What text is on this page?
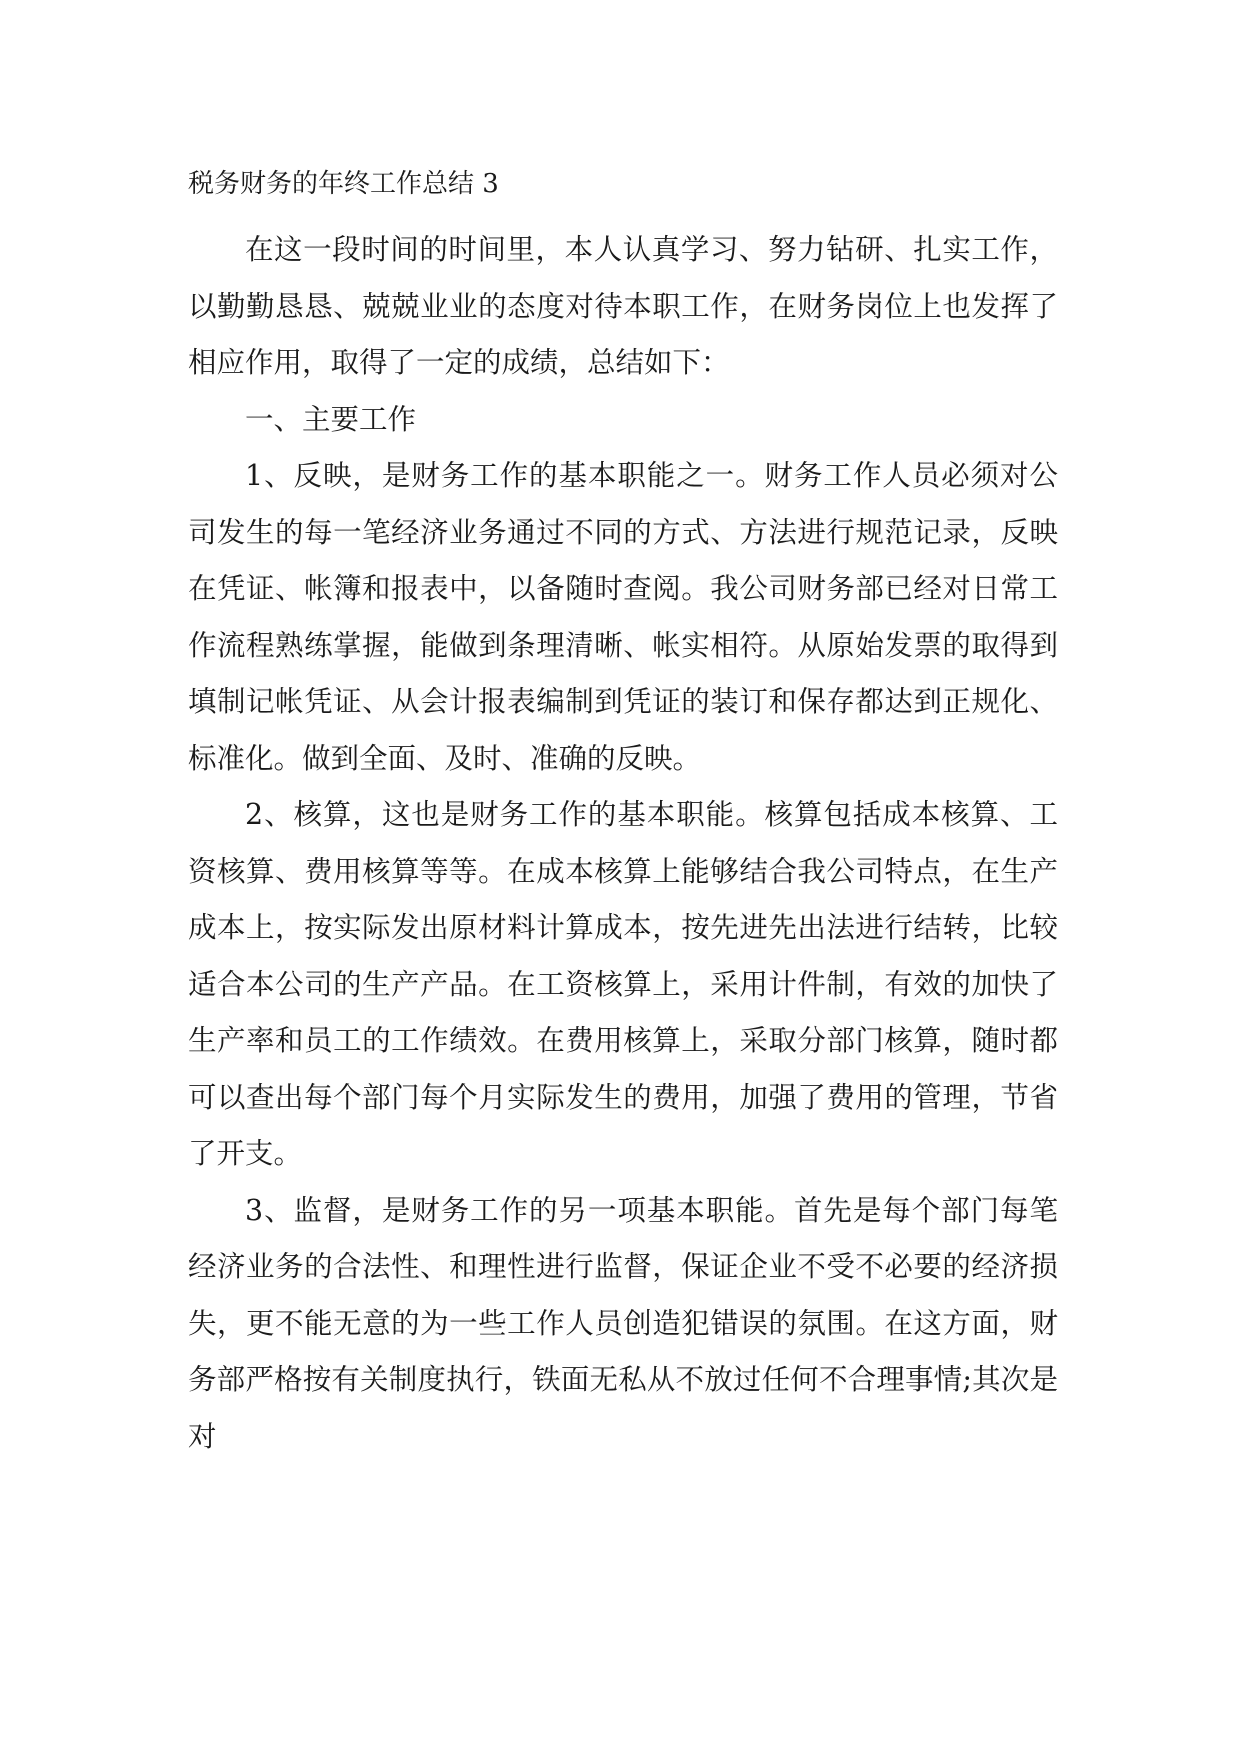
税务财务的年终工作总结 3

在这一段时间的时间里，本人认真学习、努力钻研、扎实工作，以勤勤恳恳、兢兢业业的态度对待本职工作，在财务岗位上也发挥了相应作用，取得了一定的成绩，总结如下：

一、主要工作

1、反映，是财务工作的基本职能之一。财务工作人员必须对公司发生的每一笔经济业务通过不同的方式、方法进行规范记录，反映在凭证、帐簿和报表中，以备随时查阅。我公司财务部已经对日常工作流程熟练掌握，能做到条理清晰、帐实相符。从原始发票的取得到填制记帐凭证、从会计报表编制到凭证的装订和保存都达到正规化、标准化。做到全面、及时、准确的反映。

2、核算，这也是财务工作的基本职能。核算包括成本核算、工资核算、费用核算等等。在成本核算上能够结合我公司特点，在生产成本上，按实际发出原材料计算成本，按先进先出法进行结转，比较适合本公司的生产产品。在工资核算上，采用计件制，有效的加快了生产率和员工的工作绩效。在费用核算上，采取分部门核算，随时都可以查出每个部门每个月实际发生的费用，加强了费用的管理，节省了开支。

3、监督，是财务工作的另一项基本职能。首先是每个部门每笔经济业务的合法性、和理性进行监督，保证企业不受不必要的经济损失，更不能无意的为一些工作人员创造犯错误的氛围。在这方面，财务部严格按有关制度执行，铁面无私从不放过任何不合理事情;其次是对
